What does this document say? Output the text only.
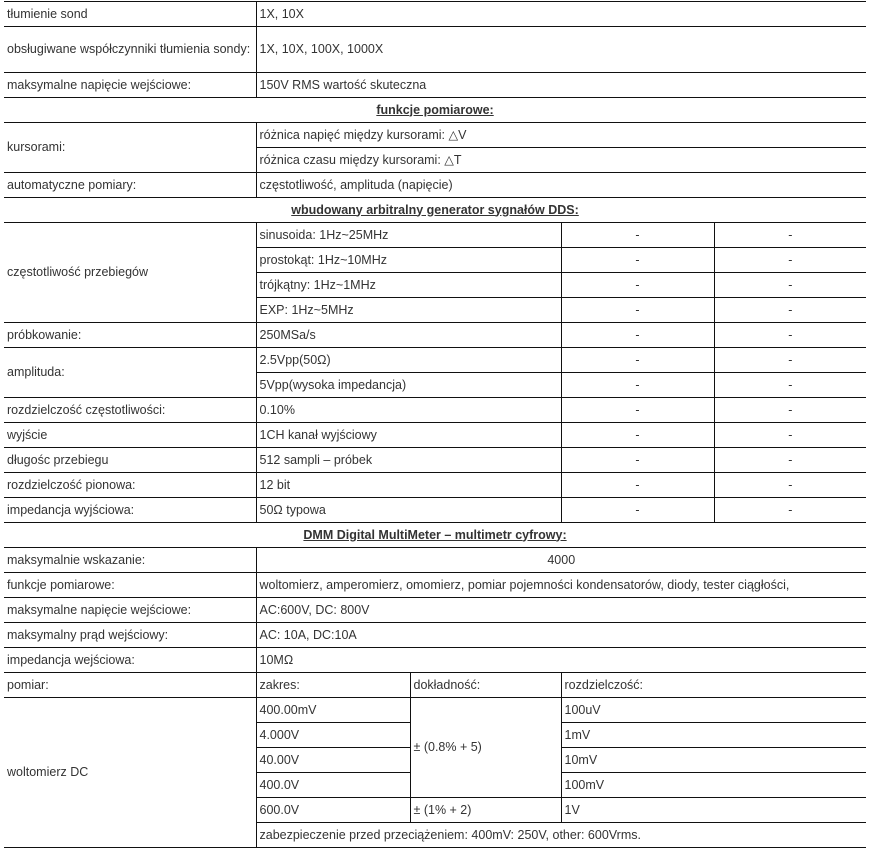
tłumienie sond	1X, 10X			
obsługiwane współczynniki tłumienia sondy:	1X, 10X, 100X, 1000X			
maksymalne napięcie wejściowe:	150V RMS wartość skuteczna			
funkcje pomiarowe:				
kursorami:	różnica napięć między kursorami: △V			
	różnica czasu między kursorami: △T			
automatyczne pomiary:	częstotliwość, amplituda (napięcie)			
wbudowany arbitralny generator sygnałów DDS:				
częstotliwość przebiegów	sinusoida: 1Hz~25MHz		-	-
	prostokąt: 1Hz~10MHz		-	-
	trójkątny: 1Hz~1MHz		-	-
	EXP: 1Hz~5MHz		-	-
próbkowanie:	250MSa/s		-	-
amplituda:	2.5Vpp(50Ω)		-	-
	5Vpp(wysoka impedancja)		-	-
rozdzielczość częstotliwości:	0.10%		-	-
wyjście	1CH kanał wyjściowy		-	-
długośc przebiegu	512 sampli – próbek		-	-
rozdzielczość pionowa:	12 bit		-	-
impedancja wyjściowa:	50Ω typowa		-	-
DMM Digital MultiMeter – multimetr cyfrowy:				
maksymalnie wskazanie:	4000			
funkcje pomiarowe:	woltomierz, amperomierz, omomierz, pomiar pojemności kondensatorów, diody, tester ciągłości,			
maksymalne napięcie wejściowe:	AC:600V, DC: 800V			
maksymalny prąd wejściowy:	AC: 10A, DC:10A			
impedancja wejściowa:	10MΩ			
pomiar:	zakres:	dokładność:	rozdzielczość:	
woltomierz DC	400.00mV	± (0.8% + 5)	100uV	
	4.000V		1mV	
	40.00V		10mV	
	400.0V		100mV	
	600.0V	± (1% + 2)	1V	
	zabezpieczenie przed przeciążeniem: 400mV: 250V, other: 600Vrms.			
